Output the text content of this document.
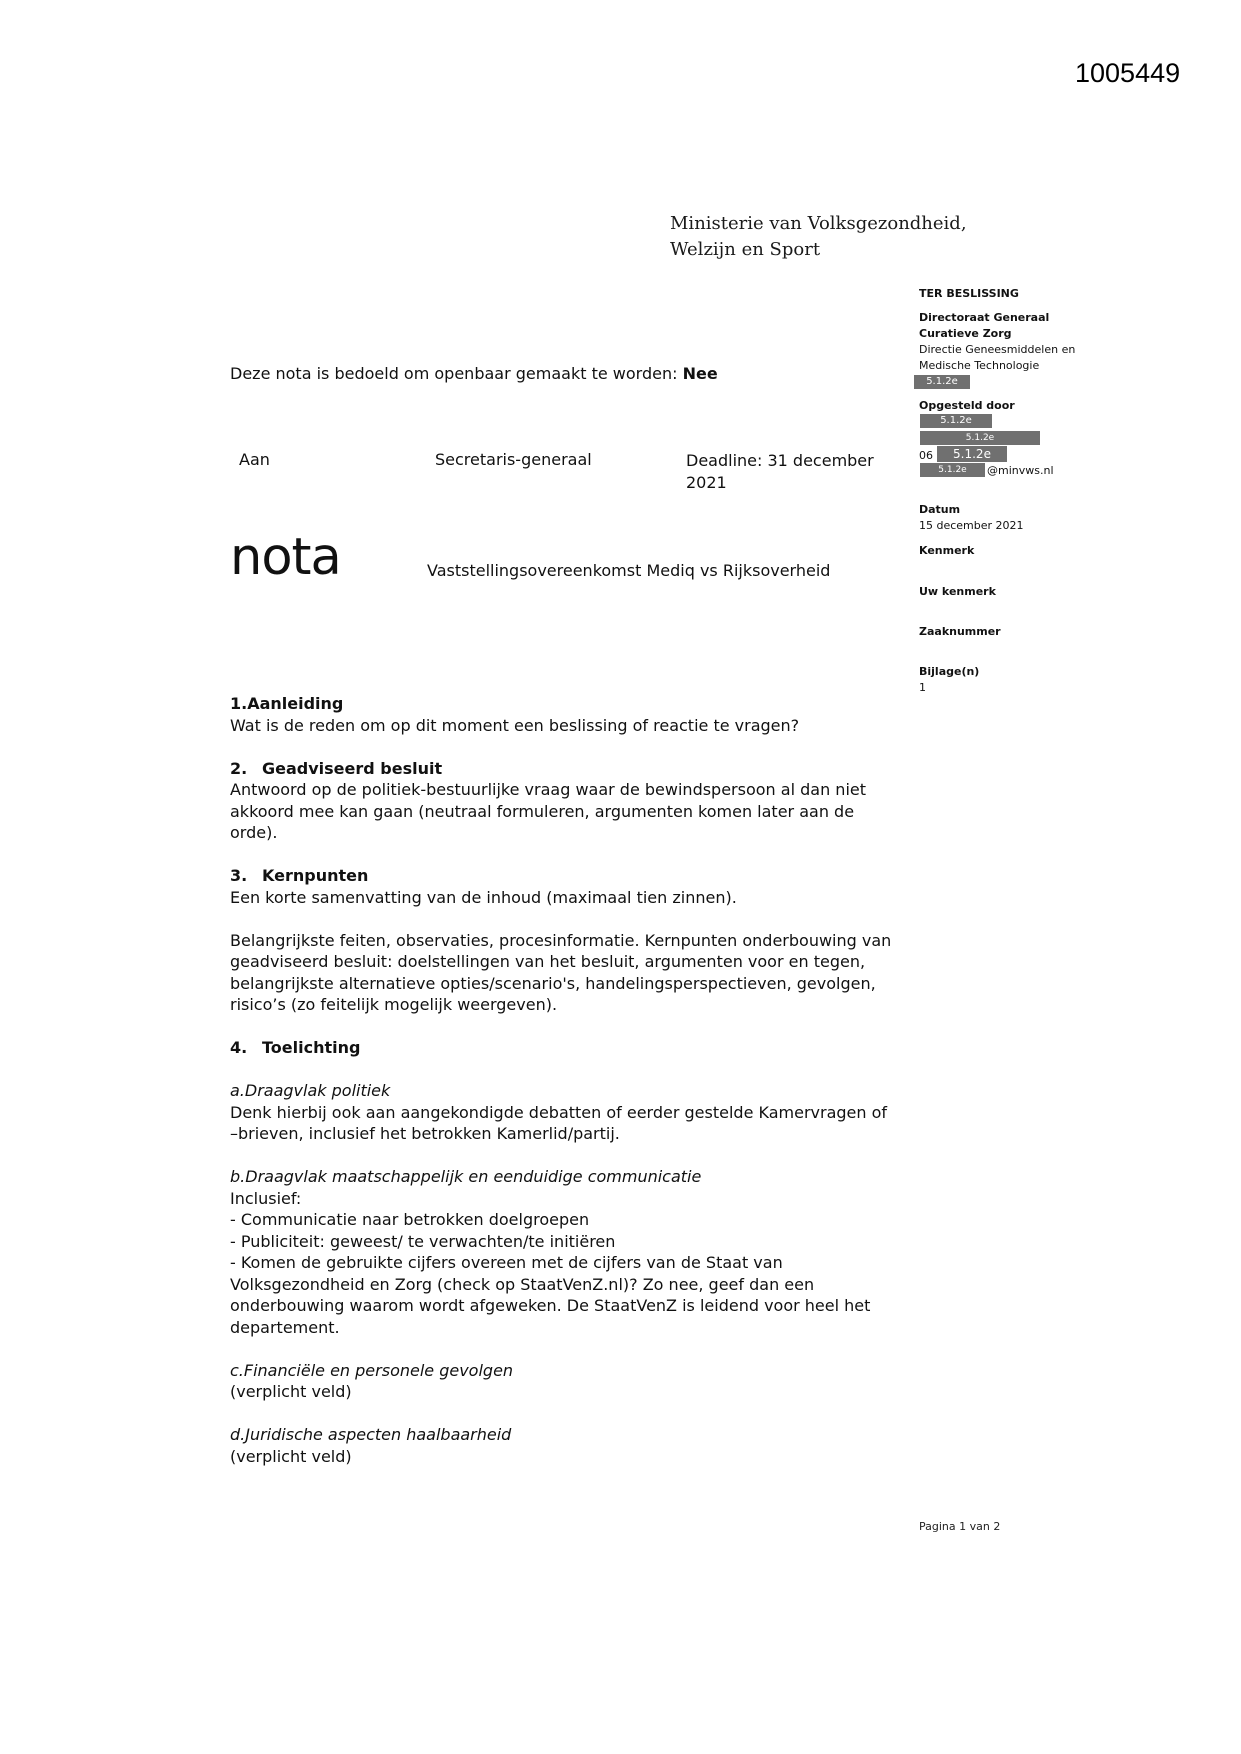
1005449
Ministerie van Volksgezondheid,
Welzijn en Sport
Deze nota is bedoeld om openbaar gemaakt te worden: Nee
Aan	Secretaris-generaal	Deadline: 31 december
2021
nota	Vaststellingsovereenkomst Mediq vs Rijksoverheid
TER BESLISSING
Directoraat Generaal
Curatieve Zorg
Directie Geneesmiddelen en
Medische Technologie
5.1.2e
Opgesteld door
5.1.2e
5.1.2e
06	5.1.2e
5.1.2e	@minvws.nl
Datum
15 december 2021
Kenmerk
Uw kenmerk
Zaaknummer
Bijlage(n)
1

1.Aanleiding

Wat is de reden om op dit moment een beslissing of reactie te vragen?

2. Geadviseerd besluit

Antwoord op de politiek-bestuurlijke vraag waar de bewindspersoon al dan niet

akkoord mee kan gaan (neutraal formuleren, argumenten komen later aan de

orde).

3. Kernpunten

Een korte samenvatting van de inhoud (maximaal tien zinnen).

Belangrijkste feiten, observaties, procesinformatie. Kernpunten onderbouwing van

geadviseerd besluit: doelstellingen van het besluit, argumenten voor en tegen,

belangrijkste alternatieve opties/scenario's, handelingsperspectieven, gevolgen,

risico’s (zo feitelijk mogelijk weergeven).

4. Toelichting

a.Draagvlak politiek

Denk hierbij ook aan aangekondigde debatten of eerder gestelde Kamervragen of

–brieven, inclusief het betrokken Kamerlid/partij.

b.Draagvlak maatschappelijk en eenduidige communicatie

Inclusief:

- Communicatie naar betrokken doelgroepen

- Publiciteit: geweest/ te verwachten/te initiëren

- Komen de gebruikte cijfers overeen met de cijfers van de Staat van

Volksgezondheid en Zorg (check op StaatVenZ.nl)? Zo nee, geef dan een

onderbouwing waarom wordt afgeweken. De StaatVenZ is leidend voor heel het

departement.

c.Financiële en personele gevolgen

(verplicht veld)

d.Juridische aspecten haalbaarheid

(verplicht veld)

Pagina 1 van 2
